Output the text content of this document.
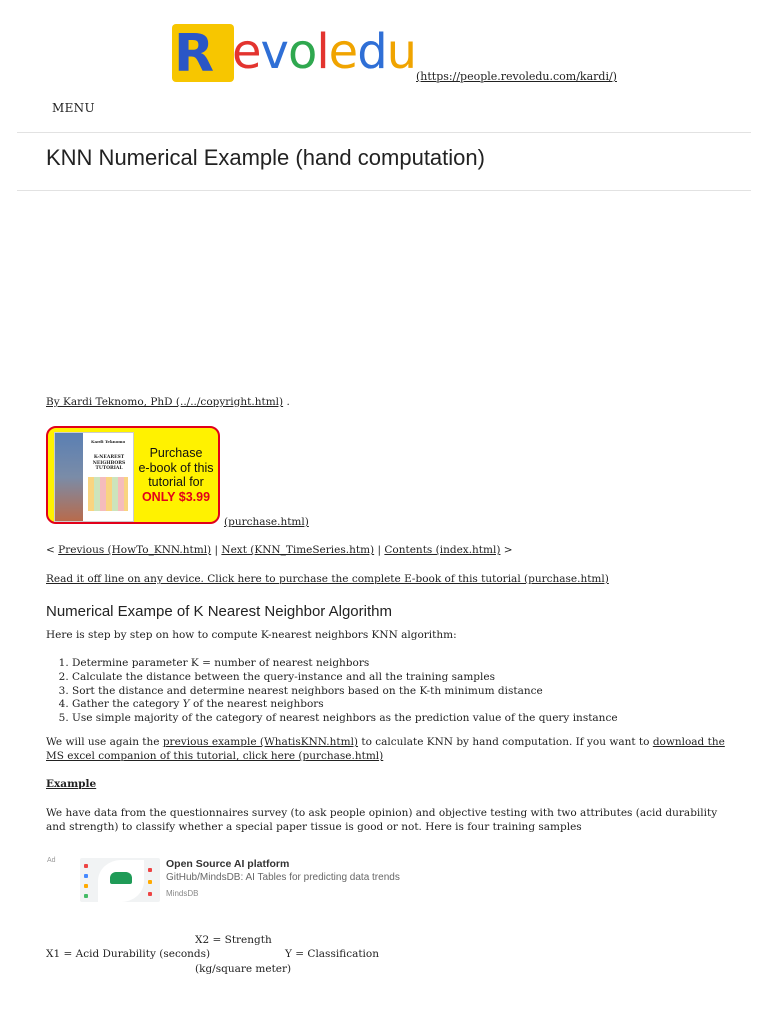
R e v o l e d u (https://people.revoledu.com/kardi/)
MENU
KNN Numerical Example (hand computation)

By Kardi Teknomo, PhD (../../copyright.html) .

Kardi Teknomo
K-NEAREST NEIGHBORS TUTORIAL
Purchase
e-book of this
tutorial for
ONLY $3.99
(purchase.html)
< Previous (HowTo_KNN.html) | Next (KNN_TimeSeries.htm) | Contents (index.html) >
Read it off line on any device. Click here to purchase the complete E-book of this tutorial (purchase.html)
Numerical Exampe of K Nearest Neighbor Algorithm
Here is step by step on how to compute K-nearest neighbors KNN algorithm:
1. Determine parameter K = number of nearest neighbors
2. Calculate the distance between the query-instance and all the training samples
3. Sort the distance and determine nearest neighbors based on the K-th minimum distance
4. Gather the category Y of the nearest neighbors
5. Use simple majority of the category of nearest neighbors as the prediction value of the query instance
We will use again the previous example (WhatisKNN.html) to calculate KNN by hand computation. If you want to download the MS excel companion of this tutorial, click here (purchase.html)
Example
We have data from the questionnaires survey (to ask people opinion) and objective testing with two attributes (acid durability and strength) to classify whether a special paper tissue is good or not. Here is four training samples
Ad	Open Source AI platform
GitHub/MindsDB: AI Tables for predicting data trends
MindsDB
X1 = Acid Durability (seconds)
X2 = Strength
(kg/square meter)
Y = Classification
